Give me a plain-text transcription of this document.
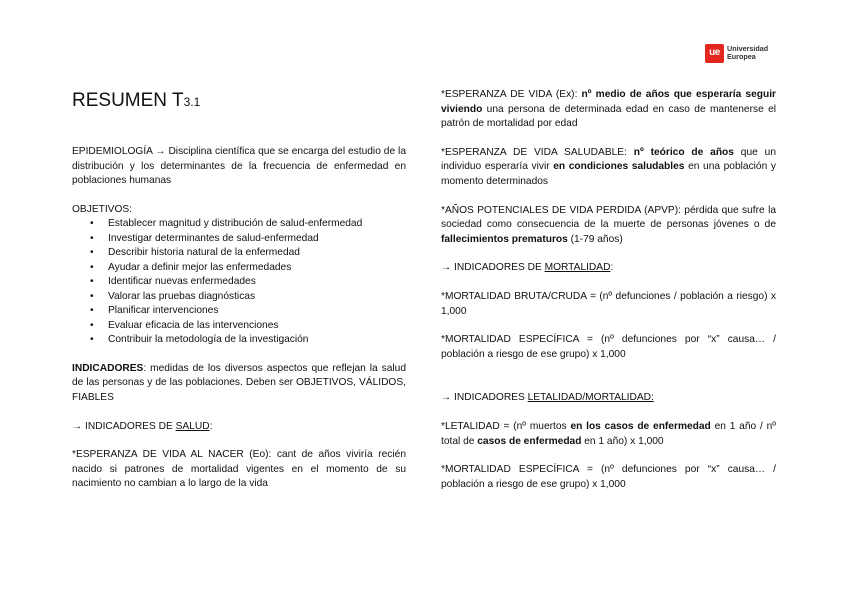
ue Universidad
Europea
RESUMEN T3.1

EPIDEMIOLOGÍA → Disciplina científica que se encarga del estudio de la distribución y los determinantes de la frecuencia de enfermedad en poblaciones humanas

OBJETIVOS:

• Establecer magnitud y distribución de salud-enfermedad
• Investigar determinantes de salud-enfermedad
• Describir historia natural de la enfermedad
• Ayudar a definir mejor las enfermedades
• Identificar nuevas enfermedades
• Valorar las pruebas diagnósticas
• Planificar intervenciones
• Evaluar eficacia de las intervenciones
• Contribuir la metodología de la investigación

INDICADORES: medidas de los diversos aspectos que reflejan la salud de las personas y de las poblaciones. Deben ser OBJETIVOS, VÁLIDOS, FIABLES

→ INDICADORES DE SALUD:

*ESPERANZA DE VIDA AL NACER (Eo): cant de años viviría recién nacido si patrones de mortalidad vigentes en el momento de su nacimiento no cambian a lo largo de la vida

*ESPERANZA DE VIDA (Ex): nº medio de años que esperaría seguir viviendo una persona de determinada edad en caso de mantenerse el patrón de mortalidad por edad

*ESPERANZA DE VIDA SALUDABLE: nº teórico de años que un individuo esperaría vivir en condiciones saludables en una población y momento determinados

*AÑOS POTENCIALES DE VIDA PERDIDA (APVP): pérdida que sufre la sociedad como consecuencia de la muerte de personas jóvenes o de fallecimientos prematuros (1-79 años)

→ INDICADORES DE MORTALIDAD:

*MORTALIDAD BRUTA/CRUDA = (nº defunciones / población a riesgo) x 1,000

*MORTALIDAD ESPECÍFICA = (nº defunciones por “x” causa… / población a riesgo de ese grupo) x 1,000

→ INDICADORES LETALIDAD/MORTALIDAD:

*LETALIDAD = (nº muertos en los casos de enfermedad en 1 año / nº total de casos de enfermedad en 1 año) x 1,000

*MORTALIDAD ESPECÍFICA = (nº defunciones por “x” causa… / población a riesgo de ese grupo) x 1,000
